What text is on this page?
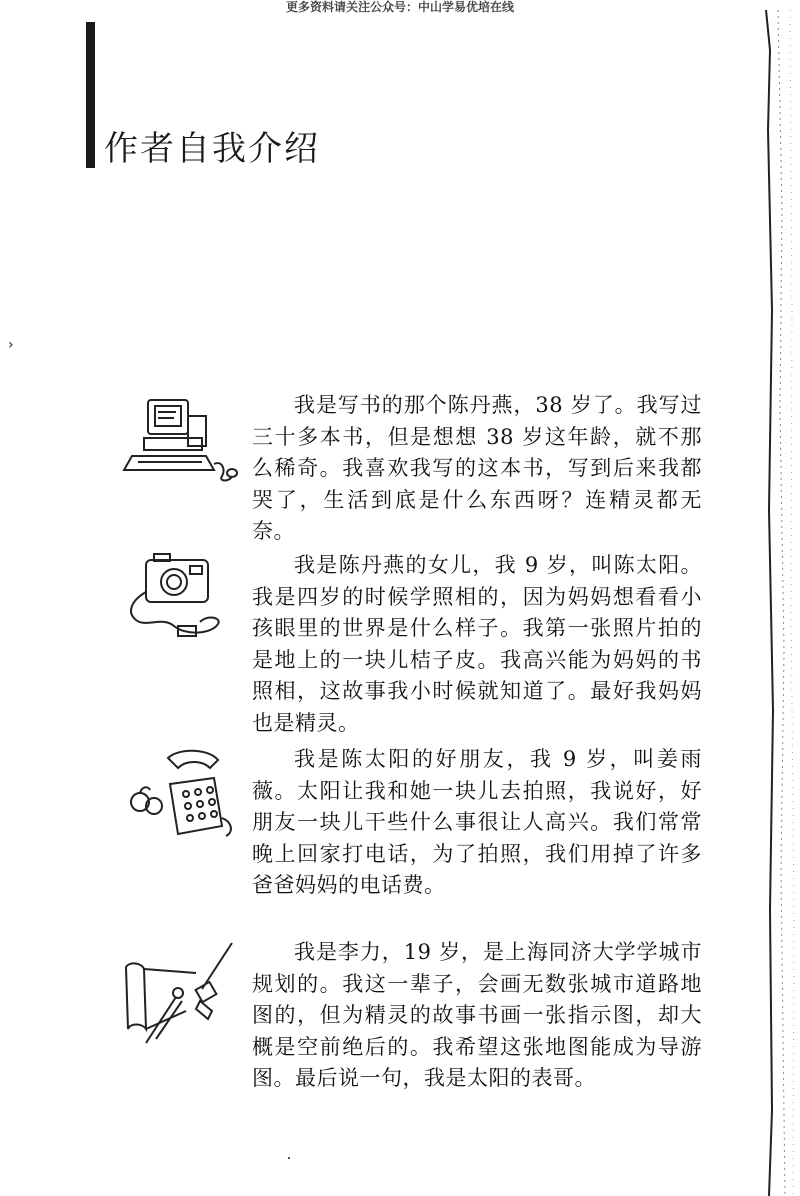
更多资料请关注公众号：中山学易优培在线
作者自我介绍
›

我是写书的那个陈丹燕，38 岁了。我写过三十多本书，但是想想 38 岁这年龄，就不那么稀奇。我喜欢我写的这本书，写到后来我都哭了，生活到底是什么东西呀？连精灵都无奈。

我是陈丹燕的女儿，我 9 岁，叫陈太阳。我是四岁的时候学照相的，因为妈妈想看看小孩眼里的世界是什么样子。我第一张照片拍的是地上的一块儿桔子皮。我高兴能为妈妈的书照相，这故事我小时候就知道了。最好我妈妈也是精灵。

我是陈太阳的好朋友，我 9 岁，叫姜雨薇。太阳让我和她一块儿去拍照，我说好，好朋友一块儿干些什么事很让人高兴。我们常常晚上回家打电话，为了拍照，我们用掉了许多爸爸妈妈的电话费。

我是李力，19 岁，是上海同济大学学城市规划的。我这一辈子，会画无数张城市道路地图的，但为精灵的故事书画一张指示图，却大概是空前绝后的。我希望这张地图能成为导游图。最后说一句，我是太阳的表哥。
